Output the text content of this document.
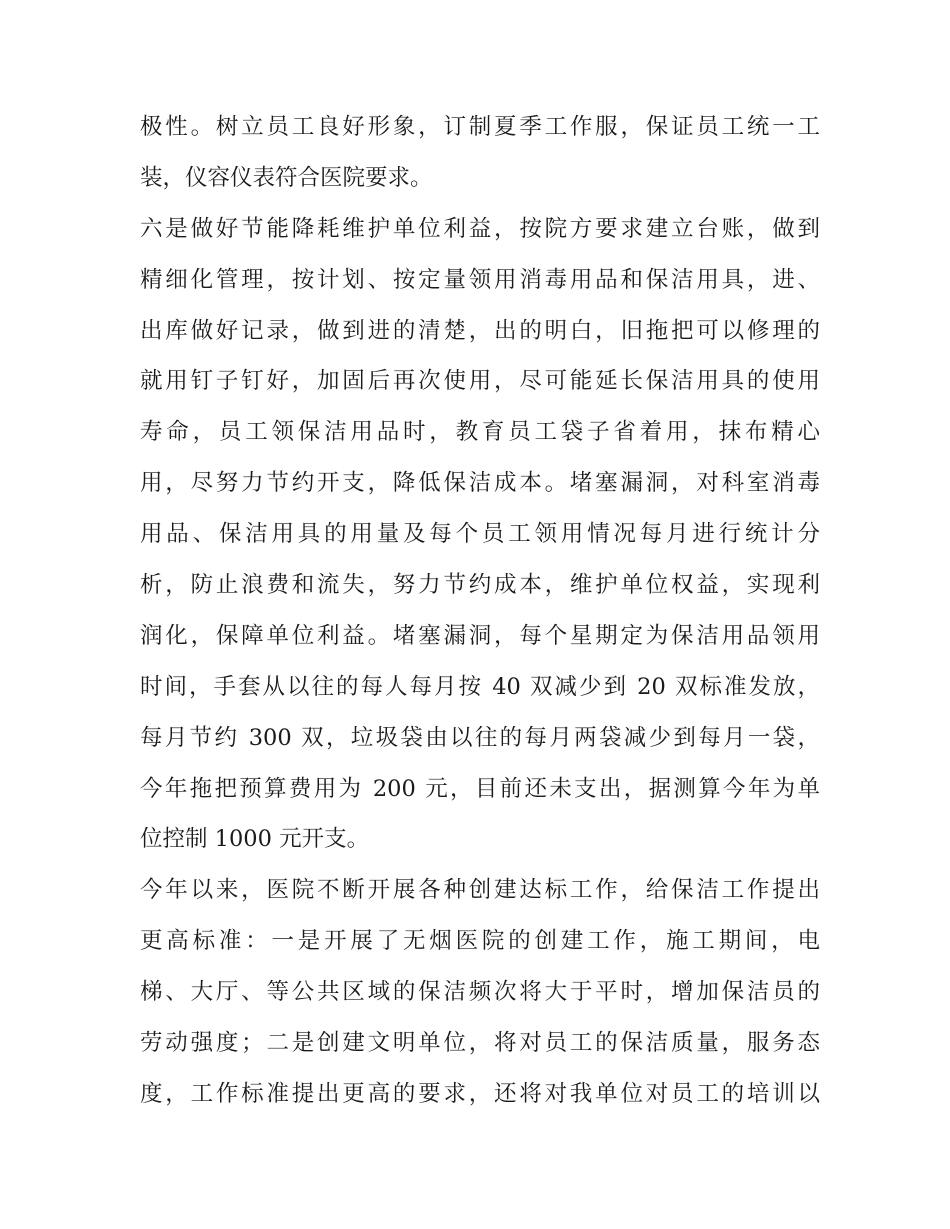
极性。树立员工良好形象，订制夏季工作服，保证员工统一工
装，仪容仪表符合医院要求。
六是做好节能降耗维护单位利益，按院方要求建立台账，做到
精细化管理，按计划、按定量领用消毒用品和保洁用具，进、
出库做好记录，做到进的清楚，出的明白，旧拖把可以修理的
就用钉子钉好，加固后再次使用，尽可能延长保洁用具的使用
寿命，员工领保洁用品时，教育员工袋子省着用，抹布精心
用，尽努力节约开支，降低保洁成本。堵塞漏洞，对科室消毒
用品、保洁用具的用量及每个员工领用情况每月进行统计分
析，防止浪费和流失，努力节约成本，维护单位权益，实现利
润化，保障单位利益。堵塞漏洞，每个星期定为保洁用品领用
时间，手套从以往的每人每月按 40 双减少到 20 双标准发放，
每月节约 300 双，垃圾袋由以往的每月两袋减少到每月一袋，
今年拖把预算费用为 200 元，目前还未支出，据测算今年为单
位控制 1000 元开支。
今年以来，医院不断开展各种创建达标工作，给保洁工作提出
更高标准：一是开展了无烟医院的创建工作，施工期间，电
梯、大厅、等公共区域的保洁频次将大于平时，增加保洁员的
劳动强度；二是创建文明单位，将对员工的保洁质量，服务态
度，工作标准提出更高的要求，还将对我单位对员工的培训以
